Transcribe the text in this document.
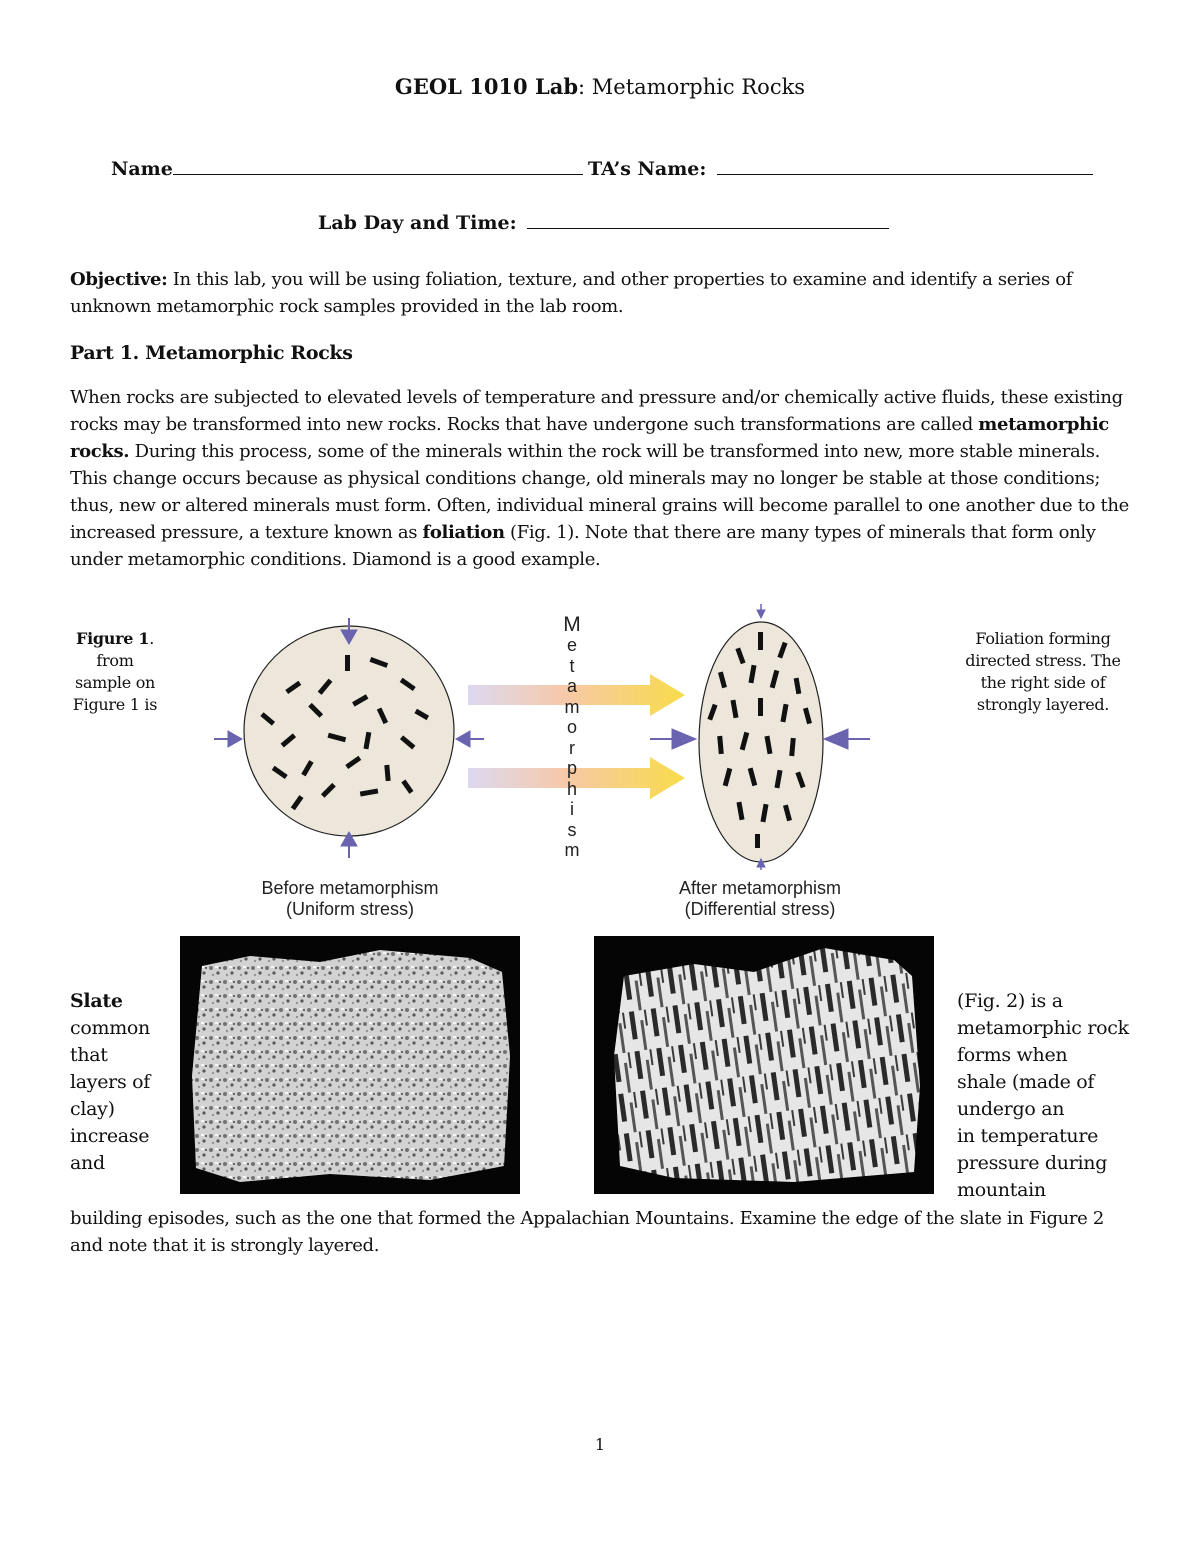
GEOL 1010 Lab: Metamorphic Rocks
Name	TA’s Name:
Lab Day and Time:
Objective: In this lab, you will be using foliation, texture, and other properties to examine and identify a series of unknown metamorphic rock samples provided in the lab room.
Part 1. Metamorphic Rocks
When rocks are subjected to elevated levels of temperature and pressure and/or chemically active fluids, these existing rocks may be transformed into new rocks. Rocks that have undergone such transformations are called metamorphic rocks. During this process, some of the minerals within the rock will be transformed into new, more stable minerals. This change occurs because as physical conditions change, old minerals may no longer be stable at those conditions; thus, new or altered minerals must form. Often, individual mineral grains will become parallel to one another due to the increased pressure, a texture known as foliation (Fig. 1). Note that there are many types of minerals that form only under metamorphic conditions. Diamond is a good example.
Figure 1.
from
sample on
Figure 1 is
Foliation forming
directed stress. The
the right side of
strongly layered.
M
e
t
a
m
o
r
p
h
i
s
m
Before metamorphism
(Uniform stress)
After metamorphism
(Differential stress)
Slate
common
that
layers of
clay)
increase
and
(Fig. 2) is a
metamorphic rock
forms when
shale (made of
undergo an
in temperature
pressure during
mountain
building episodes, such as the one that formed the Appalachian Mountains. Examine the edge of the slate in Figure 2 and note that it is strongly layered.
1
